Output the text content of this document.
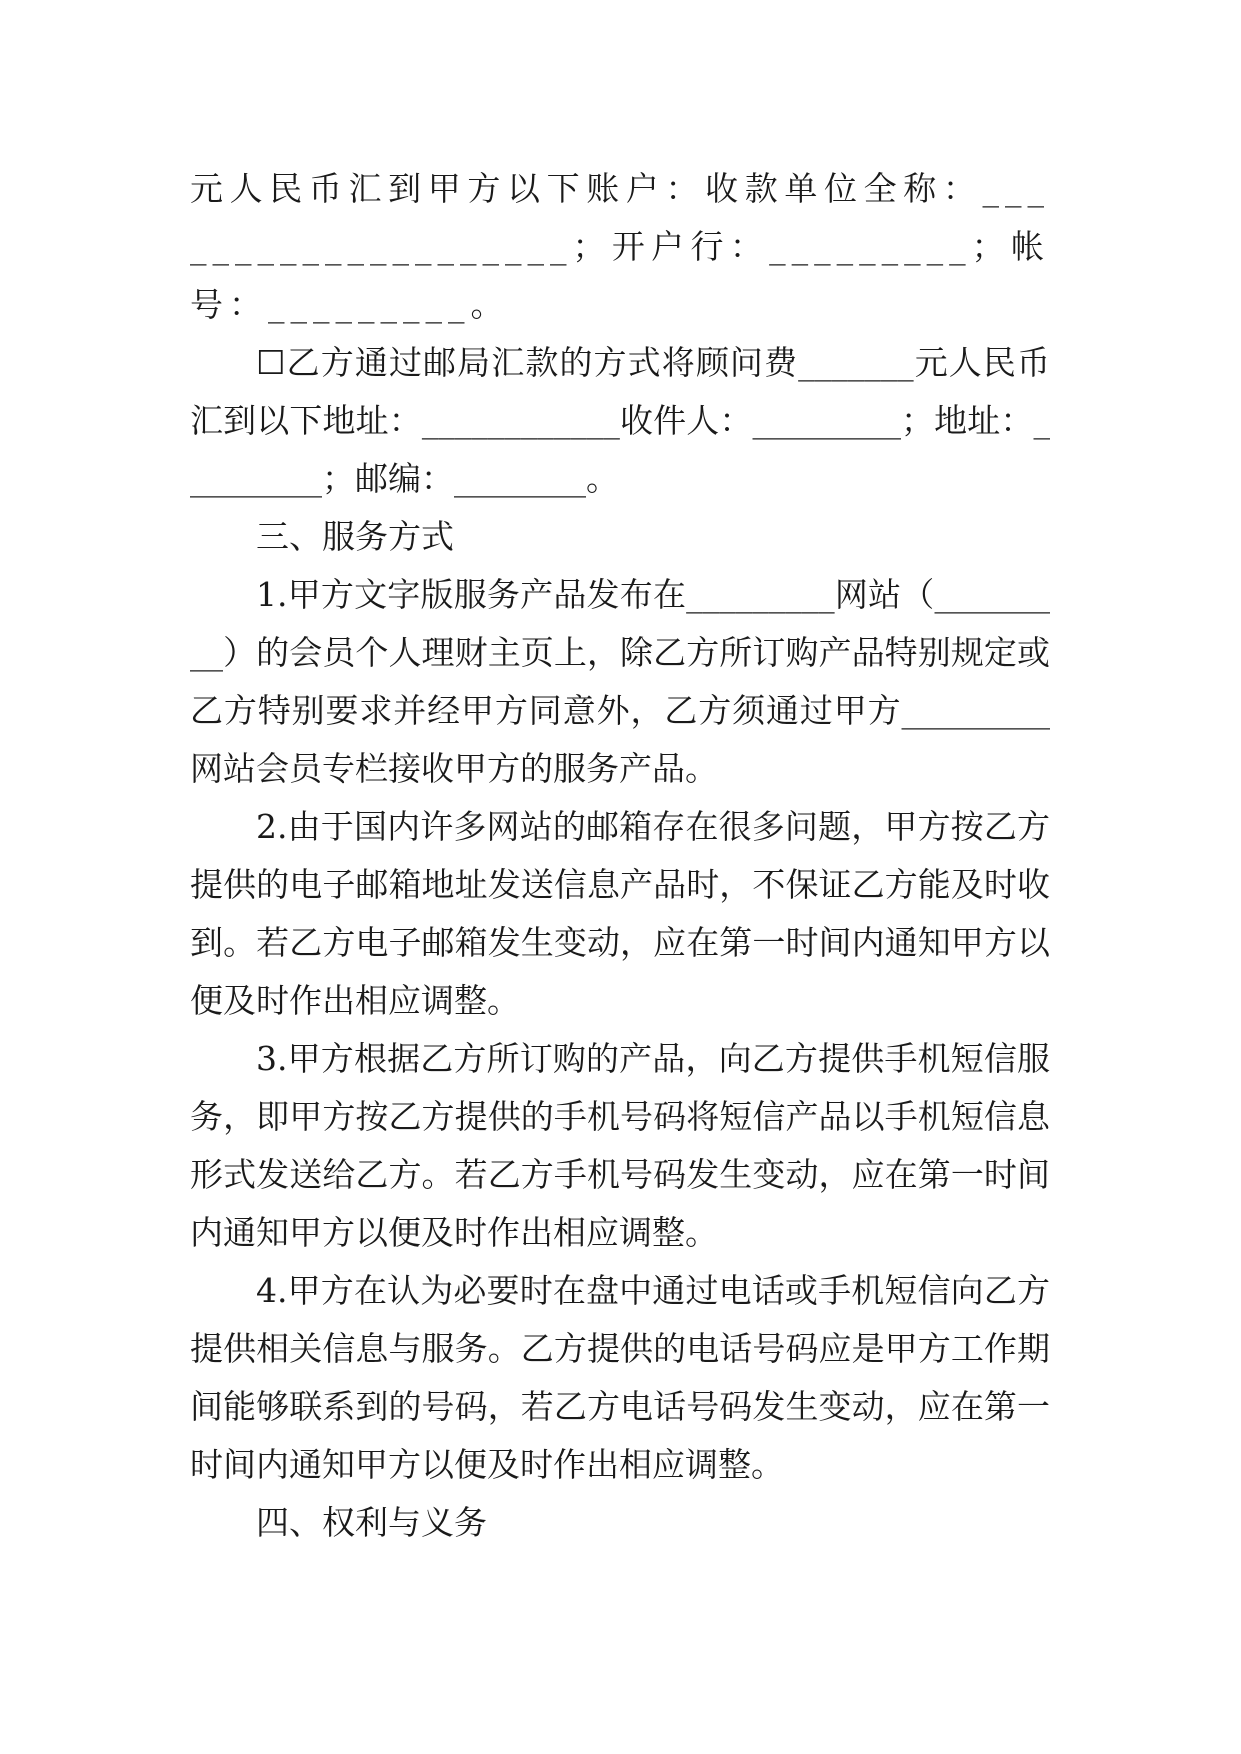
元人民币汇到甲方以下账户：收款单位全称：____________________；开户行：_________；帐号：_________。

☐乙方通过邮局汇款的方式将顾问费_______元人民币汇到以下地址：____________收件人：_________；地址：_________；邮编：________。

三、服务方式

1.甲方文字版服务产品发布在_________网站（_________）的会员个人理财主页上，除乙方所订购产品特别规定或乙方特别要求并经甲方同意外，乙方须通过甲方_________网站会员专栏接收甲方的服务产品。

2.由于国内许多网站的邮箱存在很多问题，甲方按乙方提供的电子邮箱地址发送信息产品时，不保证乙方能及时收到。若乙方电子邮箱发生变动，应在第一时间内通知甲方以便及时作出相应调整。

3.甲方根据乙方所订购的产品，向乙方提供手机短信服务，即甲方按乙方提供的手机号码将短信产品以手机短信息形式发送给乙方。若乙方手机号码发生变动，应在第一时间内通知甲方以便及时作出相应调整。

4.甲方在认为必要时在盘中通过电话或手机短信向乙方提供相关信息与服务。乙方提供的电话号码应是甲方工作期间能够联系到的号码，若乙方电话号码发生变动，应在第一时间内通知甲方以便及时作出相应调整。

四、权利与义务
